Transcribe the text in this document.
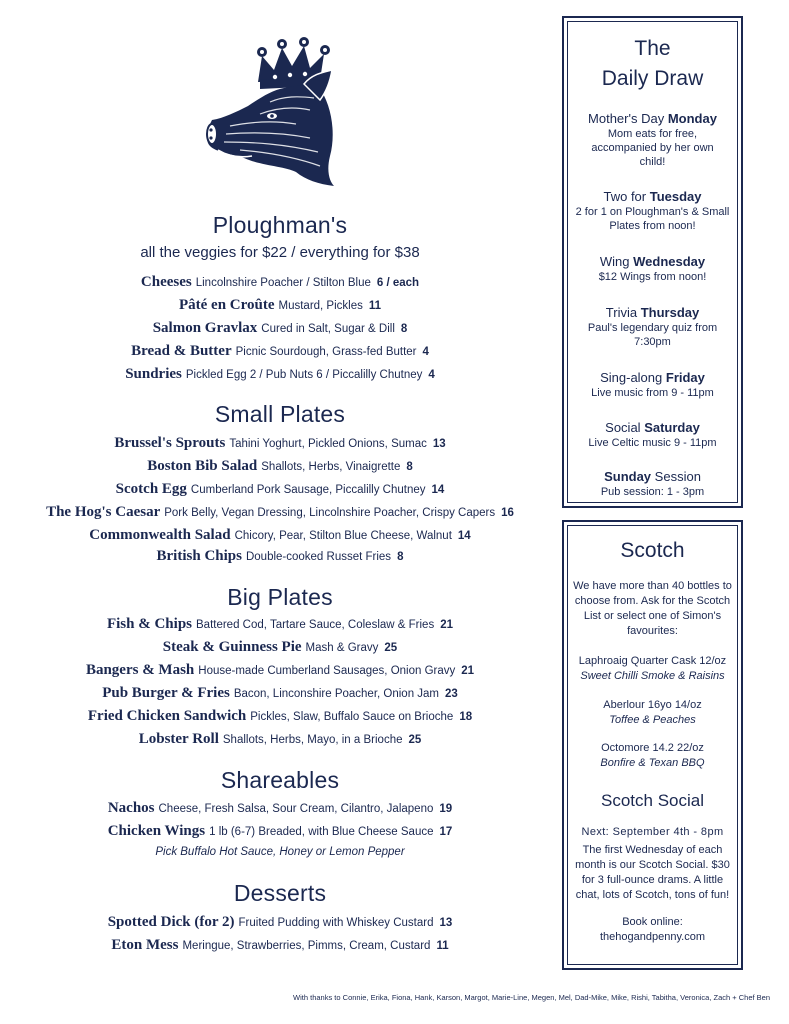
Ploughman's
all the veggies for $22 / everything for $38
Cheeses Lincolnshire Poacher / Stilton Blue 6 / each
Pâté en Croûte Mustard, Pickles 11
Salmon Gravlax Cured in Salt, Sugar & Dill 8
Bread & Butter Picnic Sourdough, Grass-fed Butter 4
Sundries Pickled Egg 2 / Pub Nuts 6 / Piccalilly Chutney 4
Small Plates
Brussel's Sprouts Tahini Yoghurt, Pickled Onions, Sumac 13
Boston Bib Salad Shallots, Herbs, Vinaigrette 8
Scotch Egg Cumberland Pork Sausage, Piccalilly Chutney 14
The Hog's Caesar Pork Belly, Vegan Dressing, Lincolnshire Poacher, Crispy Capers 16
Commonwealth Salad Chicory, Pear, Stilton Blue Cheese, Walnut 14
British Chips Double-cooked Russet Fries 8
Big Plates
Fish & Chips Battered Cod, Tartare Sauce, Coleslaw & Fries 21
Steak & Guinness Pie Mash & Gravy 25
Bangers & Mash House-made Cumberland Sausages, Onion Gravy 21
Pub Burger & Fries Bacon, Linconshire Poacher, Onion Jam 23
Fried Chicken Sandwich Pickles, Slaw, Buffalo Sauce on Brioche 18
Lobster Roll Shallots, Herbs, Mayo, in a Brioche 25
Shareables
Nachos Cheese, Fresh Salsa, Sour Cream, Cilantro, Jalapeno 19
Chicken Wings 1 lb (6-7) Breaded, with Blue Cheese Sauce 17
Pick Buffalo Hot Sauce, Honey or Lemon Pepper
Desserts
Spotted Dick (for 2) Fruited Pudding with Whiskey Custard 13
Eton Mess Meringue, Strawberries, Pimms, Cream, Custard 11
The
Daily Draw
Mother's Day Monday
Mom eats for free, accompanied by her own child!
Two for Tuesday
2 for 1 on Ploughman's & Small Plates from noon!
Wing Wednesday
$12 Wings from noon!
Trivia Thursday
Paul's legendary quiz from 7:30pm
Sing-along Friday
Live music from 9 - 11pm
Social Saturday
Live Celtic music 9 - 11pm
Sunday Session
Pub session: 1 - 3pm
Scotch
We have more than 40 bottles to choose from. Ask for the Scotch List or select one of Simon's favourites:
Laphroaig Quarter Cask 12/oz
Sweet Chilli Smoke & Raisins
Aberlour 16yo 14/oz
Toffee & Peaches
Octomore 14.2 22/oz
Bonfire & Texan BBQ
Scotch Social
Next: September 4th - 8pm
The first Wednesday of each month is our Scotch Social. $30 for 3 full-ounce drams. A little chat, lots of Scotch, tons of fun!
Book online:
thehogandpenny.com
With thanks to Connie, Erika, Fiona, Hank, Karson, Margot, Marie-Line, Megen, Mel, Dad-Mike, Mike, Rishi, Tabitha, Veronica, Zach + Chef Ben
